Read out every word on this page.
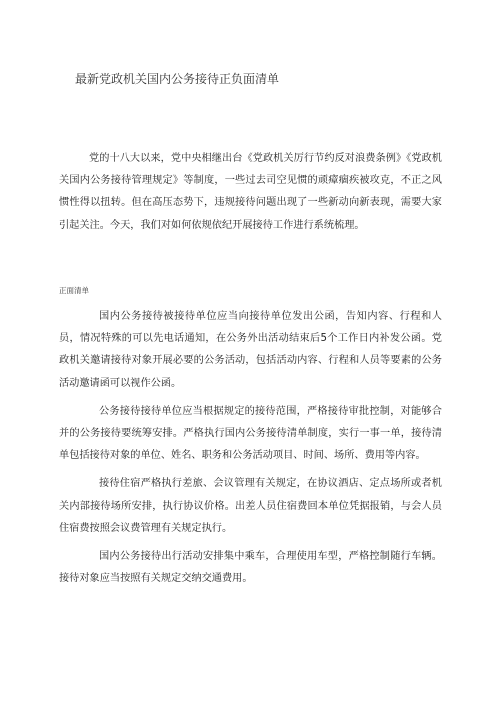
最新党政机关国内公务接待正负面清单

党的十八大以来，党中央相继出台《党政机关厉行节约反对浪费条例》《党政机关国内公务接待管理规定》等制度，一些过去司空见惯的顽瘴痼疾被攻克，不正之风惯性得以扭转。但在高压态势下，违规接待问题出现了一些新动向新表现，需要大家引起关注。今天，我们对如何依规依纪开展接待工作进行系统梳理。

正面清单

国内公务接待被接待单位应当向接待单位发出公函，告知内容、行程和人员，情况特殊的可以先电话通知，在公务外出活动结束后5个工作日内补发公函。党政机关邀请接待对象开展必要的公务活动，包括活动内容、行程和人员等要素的公务活动邀请函可以视作公函。

公务接待接待单位应当根据规定的接待范围，严格接待审批控制，对能够合并的公务接待要统筹安排。严格执行国内公务接待清单制度，实行一事一单，接待清单包括接待对象的单位、姓名、职务和公务活动项目、时间、场所、费用等内容。

接待住宿严格执行差旅、会议管理有关规定，在协议酒店、定点场所或者机关内部接待场所安排，执行协议价格。出差人员住宿费回本单位凭据报销，与会人员住宿费按照会议费管理有关规定执行。

国内公务接待出行活动安排集中乘车，合理使用车型，严格控制随行车辆。接待对象应当按照有关规定交纳交通费用。
